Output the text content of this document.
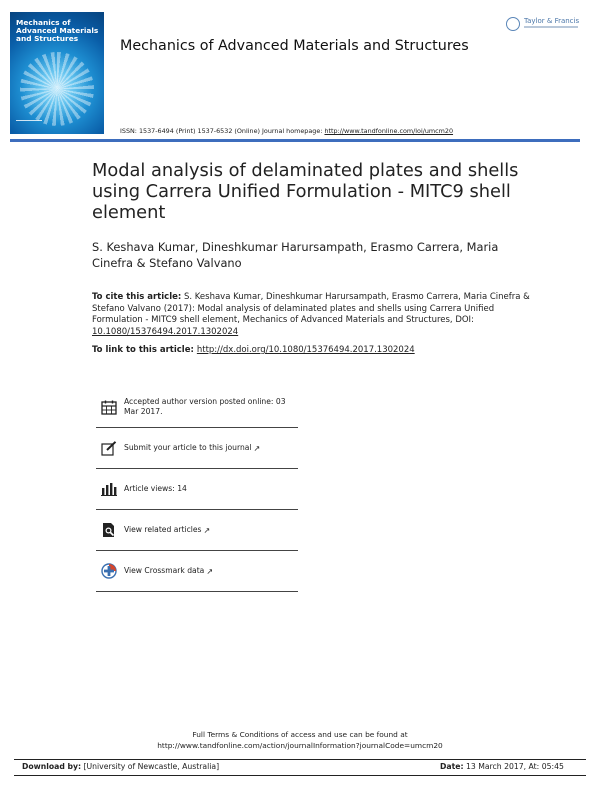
Mechanics of Advanced Materials and Structures	Mechanics of Advanced Materials and Structures
Taylor & Francis
ISSN: 1537-6494 (Print) 1537-6532 (Online) Journal homepage: http://www.tandfonline.com/loi/umcm20
Modal analysis of delaminated plates and shells using Carrera Unified Formulation - MITC9 shell element
S. Keshava Kumar, Dineshkumar Harursampath, Erasmo Carrera, Maria Cinefra & Stefano Valvano
To cite this article: S. Keshava Kumar, Dineshkumar Harursampath, Erasmo Carrera, Maria Cinefra & Stefano Valvano (2017): Modal analysis of delaminated plates and shells using Carrera Unified Formulation - MITC9 shell element, Mechanics of Advanced Materials and Structures, DOI: 10.1080/15376494.2017.1302024
To link to this article: http://dx.doi.org/10.1080/15376494.2017.1302024
Accepted author version posted online: 03 Mar 2017.
Submit your article to this journal ↗
Article views: 14
View related articles ↗
View Crossmark data ↗
Full Terms & Conditions of access and use can be found at
http://www.tandfonline.com/action/journalInformation?journalCode=umcm20
Download by: [University of Newcastle, Australia]	Date: 13 March 2017, At: 05:45
